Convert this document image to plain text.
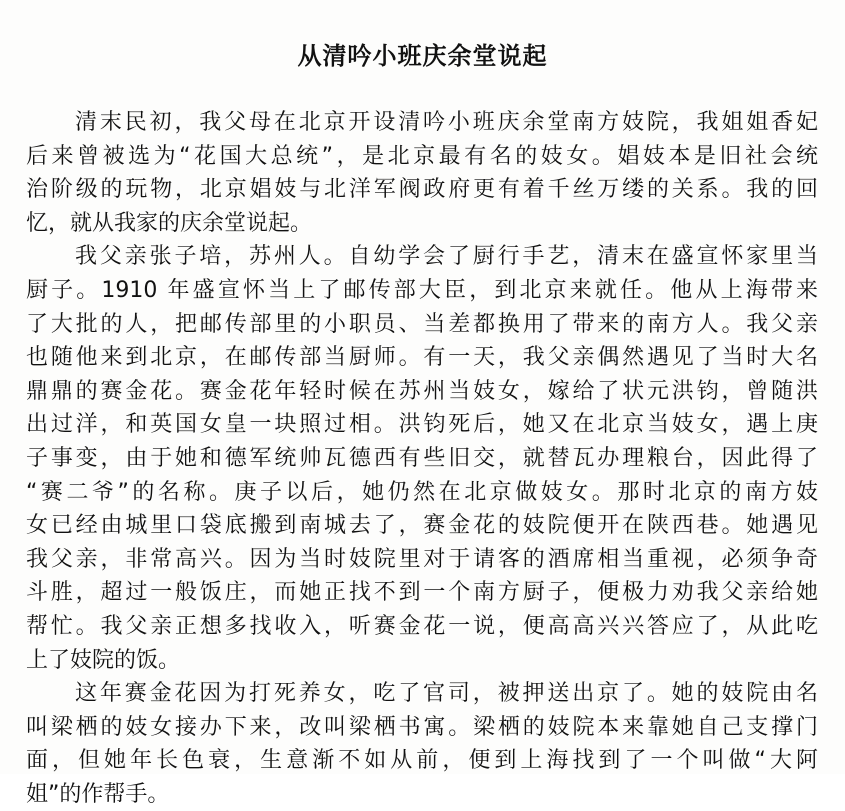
从清吟小班庆余堂说起
清末民初，我父母在北京开设清吟小班庆余堂南方妓院，我姐姐香妃
后来曾被选为“花国大总统”，是北京最有名的妓女。娼妓本是旧社会统
治阶级的玩物，北京娼妓与北洋军阀政府更有着千丝万缕的关系。我的回
忆，就从我家的庆余堂说起。
我父亲张子培，苏州人。自幼学会了厨行手艺，清末在盛宣怀家里当
厨子。1910 年盛宣怀当上了邮传部大臣，到北京来就任。他从上海带来
了大批的人，把邮传部里的小职员、当差都换用了带来的南方人。我父亲
也随他来到北京，在邮传部当厨师。有一天，我父亲偶然遇见了当时大名
鼎鼎的赛金花。赛金花年轻时候在苏州当妓女，嫁给了状元洪钧，曾随洪
出过洋，和英国女皇一块照过相。洪钧死后，她又在北京当妓女，遇上庚
子事变，由于她和德军统帅瓦德西有些旧交，就替瓦办理粮台，因此得了
“赛二爷”的名称。庚子以后，她仍然在北京做妓女。那时北京的南方妓
女已经由城里口袋底搬到南城去了，赛金花的妓院便开在陕西巷。她遇见
我父亲，非常高兴。因为当时妓院里对于请客的酒席相当重视，必须争奇
斗胜，超过一般饭庄，而她正找不到一个南方厨子，便极力劝我父亲给她
帮忙。我父亲正想多找收入，听赛金花一说，便高高兴兴答应了，从此吃
上了妓院的饭。
这年赛金花因为打死养女，吃了官司，被押送出京了。她的妓院由名
叫梁栖的妓女接办下来，改叫梁栖书寓。梁栖的妓院本来靠她自己支撑门
面，但她年长色衰，生意渐不如从前，便到上海找到了一个叫做“大阿
姐”的作帮手。
